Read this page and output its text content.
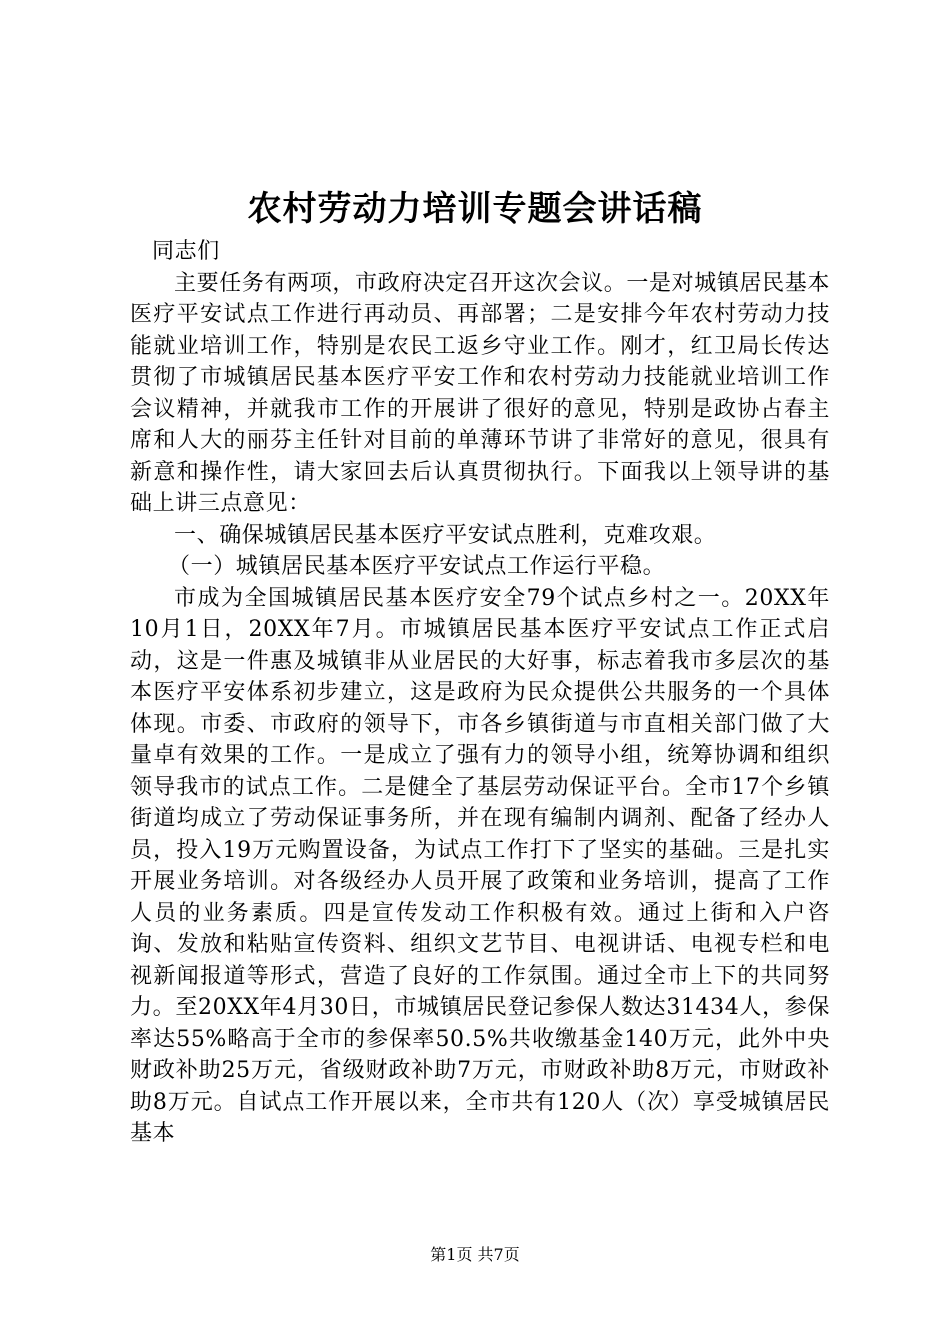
农村劳动力培训专题会讲话稿

同志们

主要任务有两项，市政府决定召开这次会议。一是对城镇居民基本医疗平安试点工作进行再动员、再部署；二是安排今年农村劳动力技能就业培训工作，特别是农民工返乡守业工作。刚才，红卫局长传达贯彻了市城镇居民基本医疗平安工作和农村劳动力技能就业培训工作会议精神，并就我市工作的开展讲了很好的意见，特别是政协占春主席和人大的丽芬主任针对目前的单薄环节讲了非常好的意见，很具有新意和操作性，请大家回去后认真贯彻执行。下面我以上领导讲的基础上讲三点意见：

一、确保城镇居民基本医疗平安试点胜利，克难攻艰。

（一）城镇居民基本医疗平安试点工作运行平稳。

市成为全国城镇居民基本医疗安全79个试点乡村之一。20XX年10月1日，20XX年7月。市城镇居民基本医疗平安试点工作正式启动，这是一件惠及城镇非从业居民的大好事，标志着我市多层次的基本医疗平安体系初步建立，这是政府为民众提供公共服务的一个具体体现。市委、市政府的领导下，市各乡镇街道与市直相关部门做了大量卓有效果的工作。一是成立了强有力的领导小组，统筹协调和组织领导我市的试点工作。二是健全了基层劳动保证平台。全市17个乡镇街道均成立了劳动保证事务所，并在现有编制内调剂、配备了经办人员，投入19万元购置设备，为试点工作打下了坚实的基础。三是扎实开展业务培训。对各级经办人员开展了政策和业务培训，提高了工作人员的业务素质。四是宣传发动工作积极有效。通过上街和入户咨询、发放和粘贴宣传资料、组织文艺节目、电视讲话、电视专栏和电视新闻报道等形式，营造了良好的工作氛围。通过全市上下的共同努力。至20XX年4月30日，市城镇居民登记参保人数达31434人，参保率达55%略高于全市的参保率50.5%共收缴基金140万元，此外中央财政补助25万元，省级财政补助7万元，市财政补助8万元，市财政补助8万元。自试点工作开展以来，全市共有120人（次）享受城镇居民基本

第1页 共7页
